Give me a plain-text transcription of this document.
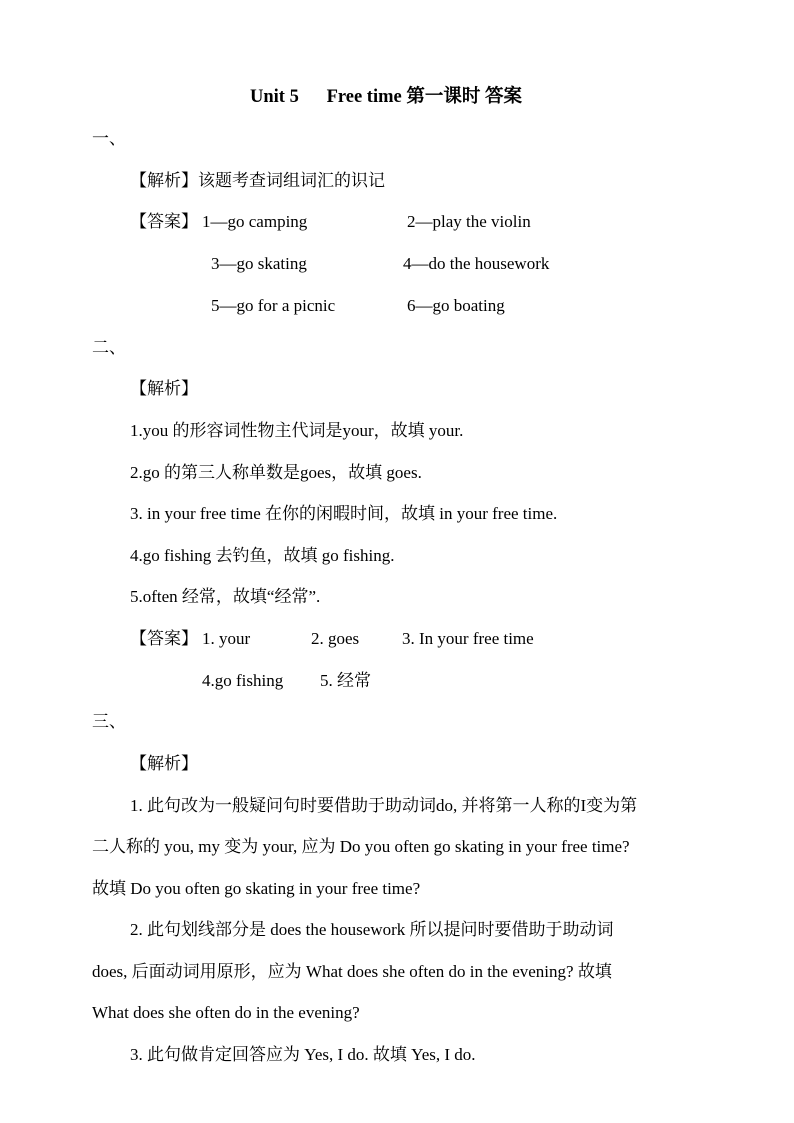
Unit 5      Free time 第一课时 答案
一、
【解析】该题考查词组词汇的识记
【答案】 1—go camping	2—play the violin
3—go skating	4—do the housework
5—go for a picnic	6—go boating
二、
【解析】
1.you 的形容词性物主代词是your，故填 your.
2.go 的第三人称单数是goes，故填 goes.
3. in your free time 在你的闲暇时间，故填 in your free time.
4.go fishing 去钓鱼，故填 go fishing.
5.often 经常，故填“经常”.
【答案】 1. your	2. goes	3. In your free time
4.go fishing 5. 经常
三、
【解析】
1. 此句改为一般疑问句时要借助于助动词do, 并将第一人称的I变为第
二人称的 you, my 变为 your, 应为 Do you often go skating in your free time?
故填 Do you often go skating in your free time?
2. 此句划线部分是 does the housework 所以提问时要借助于助动词
does, 后面动词用原形，应为 What does she often do in the evening? 故填
What does she often do in the evening?
3. 此句做肯定回答应为 Yes, I do. 故填 Yes, I do.
